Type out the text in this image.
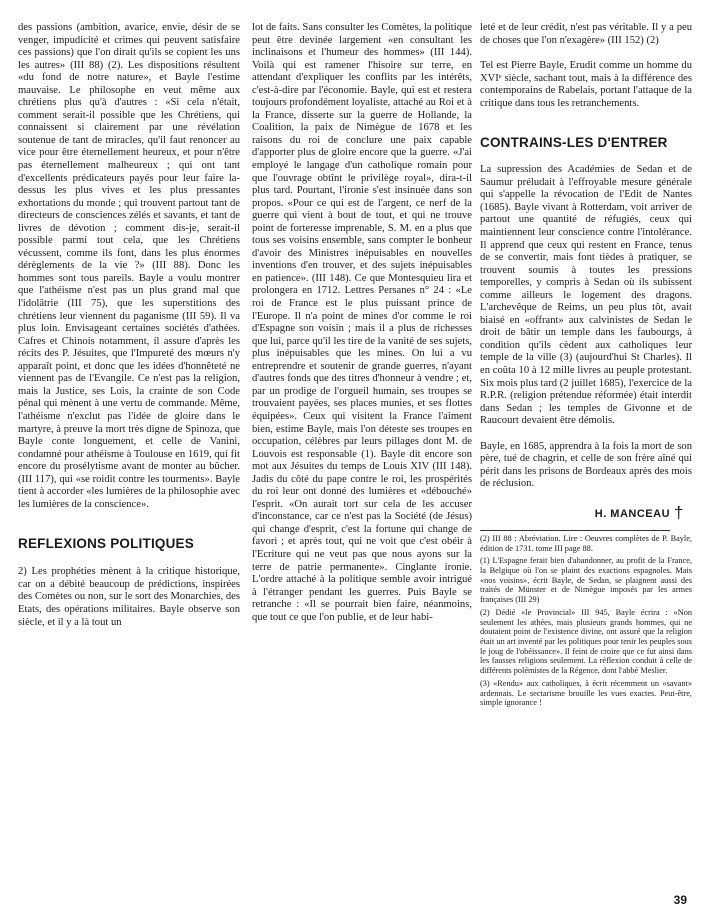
des passions (ambition, avarice, envie, désir de se venger, impudicité et crimes qui peuvent satisfaire ces passions) que l'on dirait qu'ils se copient les uns les autres» (III 88) (2). Les dispositions résultent «du fond de notre nature», et Bayle l'estime mauvaise. Le philosophe en veut même aux chrétiens plus qu'à d'autres : «Si cela n'était, comment serait-il possible que les Chrétiens, qui connaissent si clairement par une révélation soutenue de tant de miracles, qu'il faut renoncer au vice pour être éternellement heureux, et pour n'être pas éternellement malheureux ; qui ont tant d'excellents prédicateurs payés pour leur faire la-dessus les plus vives et les plus pressantes exhortations du monde ; qui trouvent partout tant de directeurs de consciences zélés et savants, et tant de livres de dévotion ; comment dis-je, serait-il possible parmi tout cela, que les Chrétiens vécussent, comme ils font, dans les plus énormes dérèglements de la vie ?» (III 88). Donc les hommes sont tous pareils. Bayle a voulu montrer que l'athéisme n'est pas un plus grand mal que l'idolâtrie (III 75), que les superstitions des chrétiens leur viennent du paganisme (III 59). Il va plus loin. Envisageant certaines sociétés d'athées. Cafres et Chinois notamment, il assure d'après les récits des P. Jésuites, que l'Impureté des mœurs n'y apparaît point, et donc que les idées d'honnêteté ne viennent pas de l'Evangile. Ce n'est pas la religion, mais la Justice, ses Lois, la crainte de son Code pénal qui mènent à une vertu de commande. Même, l'athéisme n'exclut pas l'idée de gloire dans le martyre, à preuve la mort très digne de Spinoza, que Bayle conte longuement, et celle de Vanini, condamné pour athéisme à Toulouse en 1619, qui fit encore du prosélytisme avant de monter au bûcher. (III 117), qui «se roidit contre les tourments». Bayle tient à accorder «les lumières de la philosophie avec les lumières de la conscience».

REFLEXIONS POLITIQUES

2) Les prophéties mènent à la critique historique, car on a débité beaucoup de prédictions, inspirées des Comètes ou non, sur le sort des Monarchies, des Etats, des opérations militaires. Bayle observe son siècle, et il y a là tout un

lot de faits. Sans consulter les Comètes, la politique peut être devinée largement «en consultant les inclinaisons et l'humeur des hommes» (III 144). Voilà qui est ramener l'hisoire sur terre, en attendant d'expliquer les conflits par les intérêts, c'est-à-dire par l'économie. Bayle, qui est et restera toujours profondément loyaliste, attaché au Roi et à la France, disserte sur la guerre de Hollande, la Coalition, la paix de Nimègue de 1678 et les raisons du roi de conclure une paix capable d'apporter plus de gloire encore que la guerre. «J'ai employé le langage d'un catholique romain pour que l'ouvrage obtînt le privilège royal», dira-t-il plus tard. Pourtant, l'ironie s'est insinuée dans son propos. «Pour ce qui est de l'argent, ce nerf de la guerre qui vient à bout de tout, et qui ne trouve point de forteresse imprenable, S. M. en a plus que tous ses voisins ensemble, sans compter le bonheur d'avoir des Ministres inépuisables en nouvelles inventions d'en trouver, et des sujets inépuisables en patience». (III 148). Ce que Montesquieu lira et prolongera en 1712. Lettres Persanes n° 24 : «Le roi de France est le plus puissant prince de l'Europe. Il n'a point de mines d'or comme le roi d'Espagne son voisin ; mais il a plus de richesses que lui, parce qu'il les tire de la vanité de ses sujets, plus inépuisables que les mines. On lui a vu entreprendre et soutenir de grande guerres, n'ayant d'autres fonds que des titres d'honneur à vendre ; et, par un prodige de l'orgueil humain, ses troupes se trouvaient payées, ses places munies, et ses flottes équipées». Ceux qui visitent la France l'aiment bien, estime Bayle, mais l'on déteste ses troupes en occupation, célèbres par leurs pillages dont M. de Louvois est responsable (1). Bayle dit encore son mot aux Jésuites du temps de Louis XIV (III 148). Jadis du côté du pape contre le roi, les prospérités du roi leur ont donné des lumières et «débouché» l'esprit. «On aurait tort sur cela de les accuser d'inconstance, car ce n'est pas la Société (de Jésus) qui change d'esprit, c'est la fortune qui change de favori ; et après tout, qui ne voit que c'est obéir à l'Ecriture qui ne veut pas que nous ayons sur la terre de patrie permanente». Cinglante ironie. L'ordre attaché à la politique semble avoir intrigué à l'étranger pendant les guerres. Puis Bayle se retranche : «Il se pourrait bien faire, néanmoins, que tout ce que l'on publie, et de leur habi-

leté et de leur crédit, n'est pas véritable. Il y a peu de choses que l'on n'exagère» (III 152) (2)

Tel est Pierre Bayle, Erudit comme un homme du XVIᵉ siècle, sachant tout, mais à la différence des contemporains de Rabelais, portant l'attaque de la critique dans tous les retranchements.

CONTRAINS-LES D'ENTRER

La supression des Académies de Sedan et de Saumur préludait à l'effroyable mesure générale qui s'appelle la révocation de l'Edit de Nantes (1685). Bayle vivant à Rotterdam, voit arriver de partout une quantité de réfugiés, ceux qui maintiennent leur conscience contre l'intolérance. Il apprend que ceux qui restent en France, tenus de se convertir, mais font tièdes à pratiquer, se trouvent soumis à toutes les pressions temporelles, y compris à Sedan où ils subissent comme ailleurs le logement des dragons. L'archevêque de Reims, un peu plus tôt, avait biaisé en «offrant» aux calvinistes de Sedan le droit de bâtir un temple dans les faubourgs, à condition qu'ils cèdent aux catholiques leur temple de la ville (3) (aujourd'hui St Charles). Il en coûta 10 à 12 mille livres au peuple protestant. Six mois plus tard (2 juillet 1685), l'exercice de la R.P.R. (religion prétendue réformée) était interdit dans Sedan ; les temples de Givonne et de Raucourt devaient être démolis.

Bayle, en 1685, apprendra à la fois la mort de son père, tué de chagrin, et celle de son frère aîné qui périt dans les prisons de Bordeaux après des mois de réclusion.

H. MANCEAU †

(2) III 88 : Abréviation. Lire : Oeuvres complètes de P. Bayle, édition de 1731. tome III page 88.

(1) L'Espagne ferait bien d'abandonner, au profit de la France, la Belgique où l'on se plaint des exactions espagnoles. Mais «nos voisins», écrit Bayle, de Sedan, se plaignent aussi des traités de Münster et de Nimègue imposés par les armes françaises (III 29)

(2) Dédié «le Provincial» III 945, Bayle écrira : «Non seulement les athées, mais plusieurs grands hommes, qui ne doutaient point de l'existence divine, ont assuré que la religion était un art inventé par les politiques pour tenir les peuples sous le joug de l'obéissance». Il feint de croire que ce fut ainsi dans les fausses religions seulement. La réflexion conduit à celle de différents polémistes de la Régence, dont l'abbé Meslier.

(3) «Rendu» aux catholiques, à écrit récemment un «savant» ardennais. Le sectarisme brouille les vues exactes. Peut-être, simple ignorance !

39
